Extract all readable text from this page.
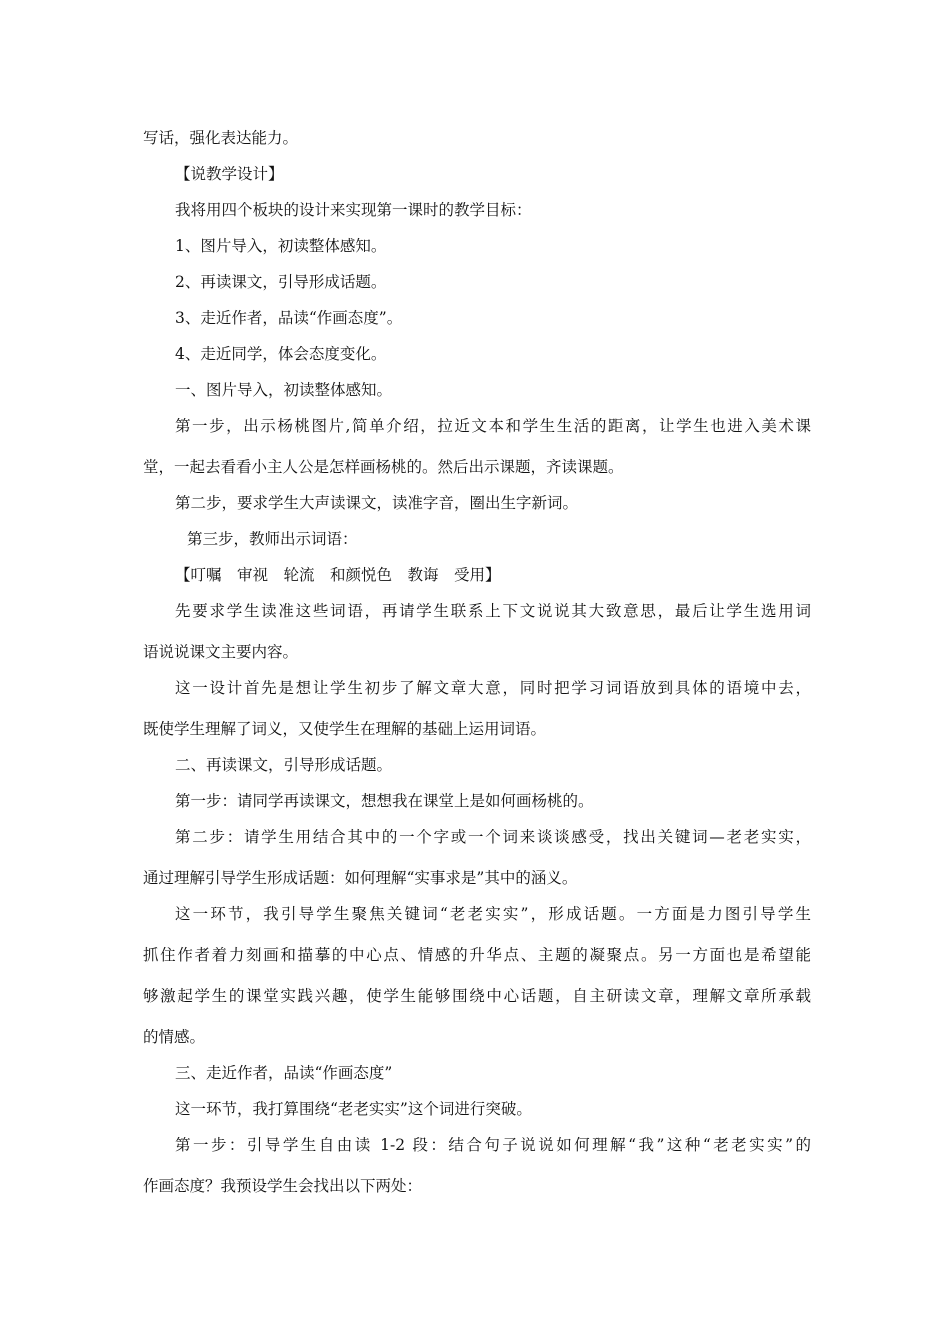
写话，强化表达能力。
【说教学设计】
我将用四个板块的设计来实现第一课时的教学目标：
1、图片导入，初读整体感知。
2、再读课文，引导形成话题。
3、走近作者，品读“作画态度”。
4、走近同学，体会态度变化。
一、图片导入，初读整体感知。
第一步，出示杨桃图片,简单介绍，拉近文本和学生生活的距离，让学生也进入美术课
堂，一起去看看小主人公是怎样画杨桃的。然后出示课题，齐读课题。
第二步，要求学生大声读课文，读准字音，圈出生字新词。
第三步，教师出示词语：
【叮嘱　审视　轮流　和颜悦色　教诲　受用】
先要求学生读准这些词语，再请学生联系上下文说说其大致意思，最后让学生选用词
语说说课文主要内容。
这一设计首先是想让学生初步了解文章大意，同时把学习词语放到具体的语境中去，
既使学生理解了词义，又使学生在理解的基础上运用词语。
二、再读课文，引导形成话题。
第一步：请同学再读课文，想想我在课堂上是如何画杨桃的。
第二步：请学生用结合其中的一个字或一个词来谈谈感受，找出关键词—老老实实，
通过理解引导学生形成话题：如何理解“实事求是”其中的涵义。
这一环节，我引导学生聚焦关键词“老老实实”，形成话题。一方面是力图引导学生
抓住作者着力刻画和描摹的中心点、情感的升华点、主题的凝聚点。另一方面也是希望能
够激起学生的课堂实践兴趣，使学生能够围绕中心话题，自主研读文章，理解文章所承载
的情感。
三、走近作者，品读“作画态度”
这一环节，我打算围绕“老老实实”这个词进行突破。
第一步：引导学生自由读 1-2 段：结合句子说说如何理解“我”这种“老老实实”的
作画态度？我预设学生会找出以下两处：
